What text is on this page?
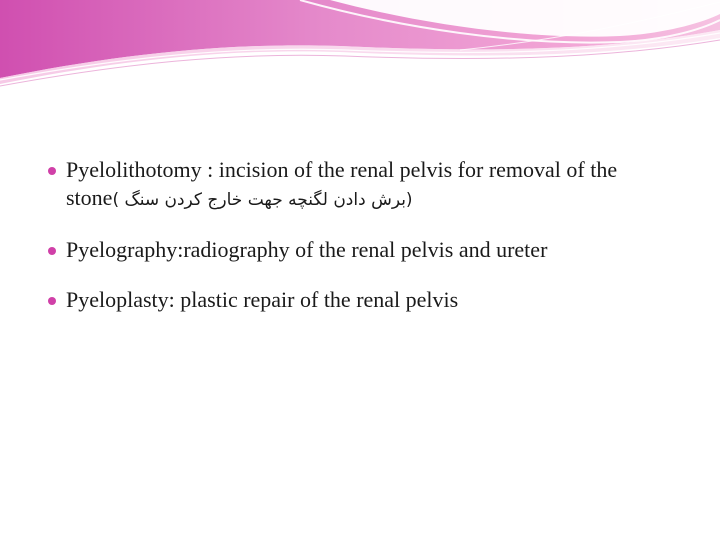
Pyelolithotomy : incision of the renal pelvis for removal of the stone(برش دادن لگنچه جهت خارج کردن سنگ )
Pyelography:radiography of the renal pelvis and ureter
Pyeloplasty: plastic repair of the renal pelvis
